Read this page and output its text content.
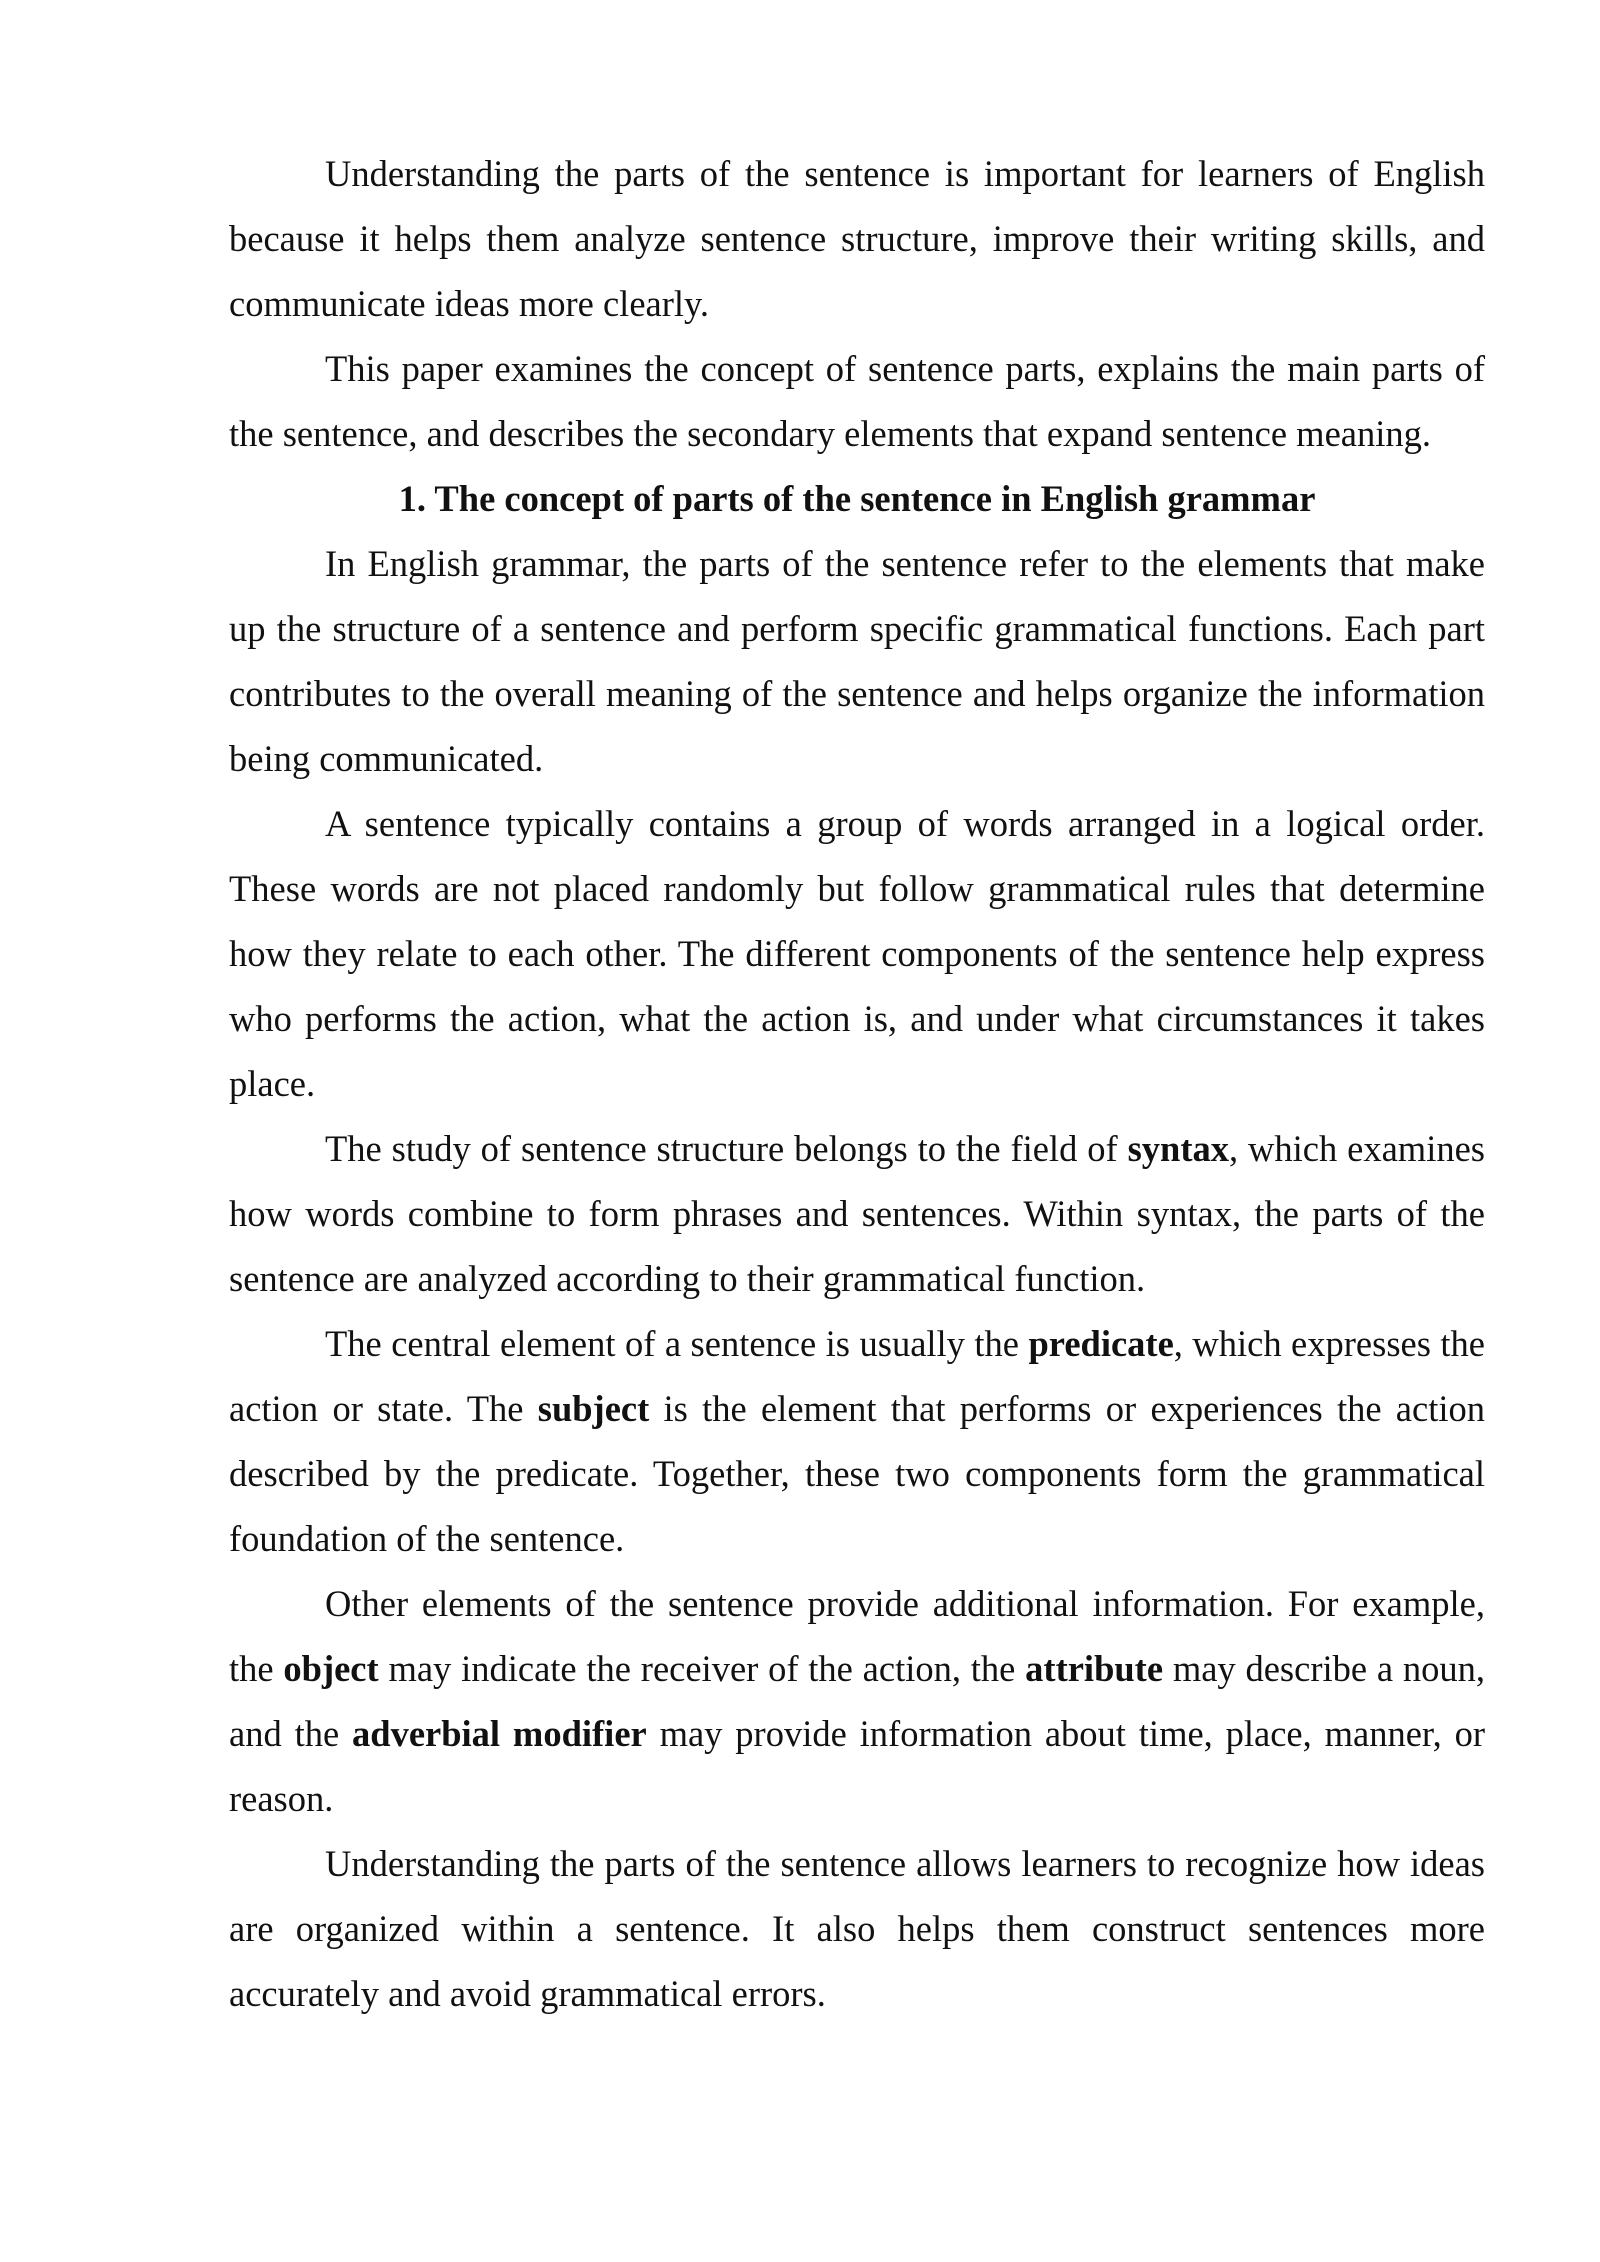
Understanding the parts of the sentence is important for learners of English because it helps them analyze sentence structure, improve their writing skills, and communicate ideas more clearly.

This paper examines the concept of sentence parts, explains the main parts of the sentence, and describes the secondary elements that expand sentence meaning.

1. The concept of parts of the sentence in English grammar

In English grammar, the parts of the sentence refer to the elements that make up the structure of a sentence and perform specific grammatical functions. Each part contributes to the overall meaning of the sentence and helps organize the information being communicated.

A sentence typically contains a group of words arranged in a logical order. These words are not placed randomly but follow grammatical rules that determine how they relate to each other. The different components of the sentence help express who performs the action, what the action is, and under what circumstances it takes place.

The study of sentence structure belongs to the field of syntax, which examines how words combine to form phrases and sentences. Within syntax, the parts of the sentence are analyzed according to their grammatical function.

The central element of a sentence is usually the predicate, which expresses the action or state. The subject is the element that performs or experiences the action described by the predicate. Together, these two components form the grammatical foundation of the sentence.

Other elements of the sentence provide additional information. For example, the object may indicate the receiver of the action, the attribute may describe a noun, and the adverbial modifier may provide information about time, place, manner, or reason.

Understanding the parts of the sentence allows learners to recognize how ideas are organized within a sentence. It also helps them construct sentences more accurately and avoid grammatical errors.
